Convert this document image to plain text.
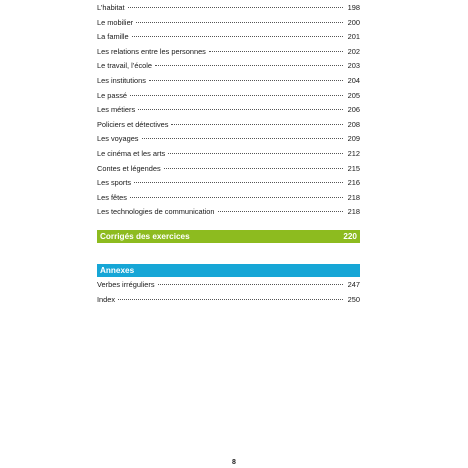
L’habitat	198
Le mobilier	200
La famille	201
Les relations entre les personnes	202
Le travail, l’école	203
Les institutions	204
Le passé	205
Les métiers	206
Policiers et détectives	208
Les voyages	209
Le cinéma et les arts	212
Contes et légendes	215
Les sports	216
Les fêtes	218
Les technologies de communication	218
Corrigés des exercices	220
Annexes
Verbes irréguliers	247
Index	250
8
